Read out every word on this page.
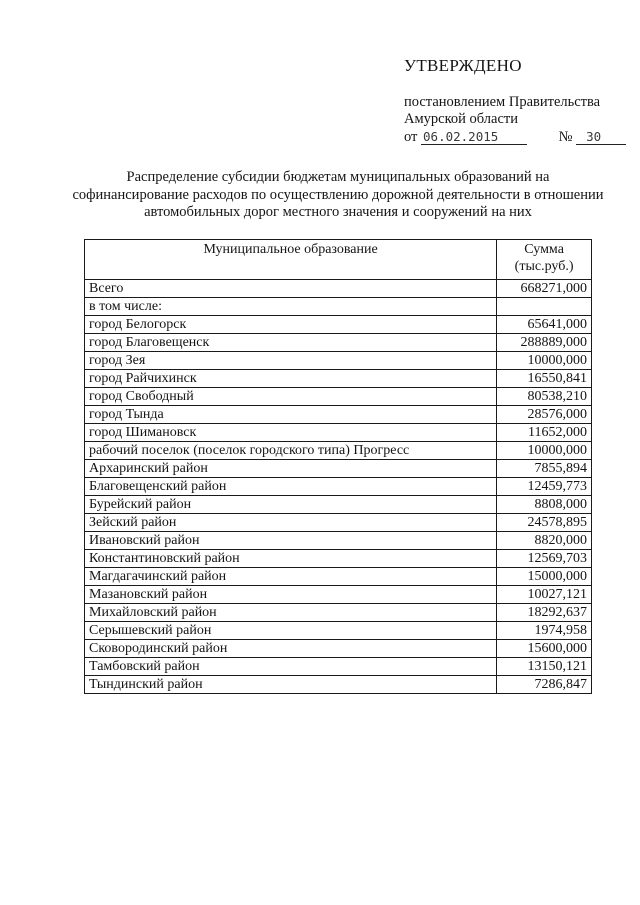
УТВЕРЖДЕНО
постановлением Правительства
Амурской области
от 06.02.2015	№ 30
Распределение субсидии бюджетам муниципальных образований на софинансирование расходов по осуществлению дорожной деятельности в отношении автомобильных дорог местного значения и сооружений на них
Муниципальное образование	Сумма
(тыс.руб.)

Всего	668271,000
в том числе:	
город Белогорск	65641,000
город Благовещенск	288889,000
город Зея	10000,000
город Райчихинск	16550,841
город Свободный	80538,210
город Тында	28576,000
город Шимановск	11652,000
рабочий поселок (поселок городского типа) Прогресс	10000,000
Архаринский район	7855,894
Благовещенский район	12459,773
Бурейский район	8808,000
Зейский район	24578,895
Ивановский район	8820,000
Константиновский район	12569,703
Магдагачинский район	15000,000
Мазановский район	10027,121
Михайловский район	18292,637
Серышевский район	1974,958
Сковородинский район	15600,000
Тамбовский район	13150,121
Тындинский район	7286,847
